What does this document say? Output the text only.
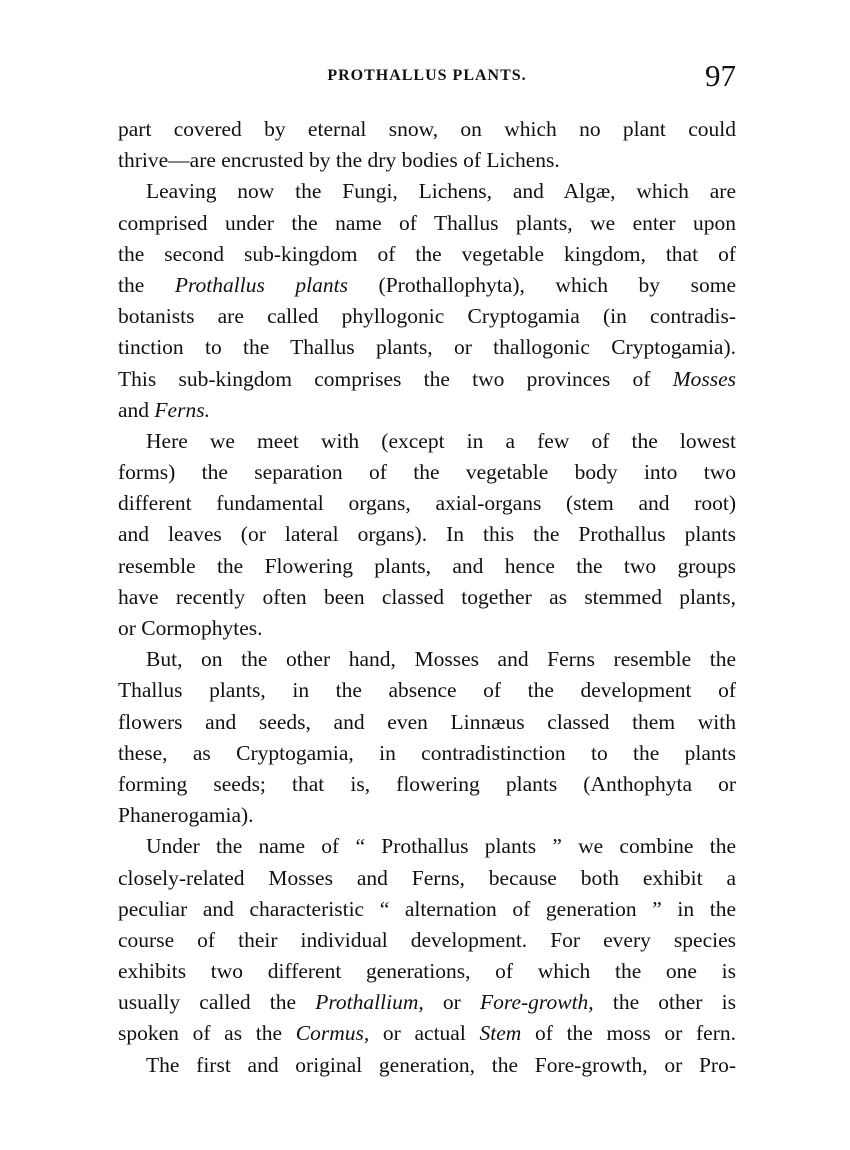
PROTHALLUS PLANTS.	97
part covered by eternal snow, on which no plant could
thrive—are encrusted by the dry bodies of Lichens.
Leaving now the Fungi, Lichens, and Algæ, which are
comprised under the name of Thallus plants, we enter upon
the second sub-kingdom of the vegetable kingdom, that of
the Prothallus plants (Prothallophyta), which by some
botanists are called phyllogonic Cryptogamia (in contradis-
tinction to the Thallus plants, or thallogonic Cryptogamia).
This sub-kingdom comprises the two provinces of Mosses
and Ferns.
Here we meet with (except in a few of the lowest
forms) the separation of the vegetable body into two
different fundamental organs, axial-organs (stem and root)
and leaves (or lateral organs). In this the Prothallus plants
resemble the Flowering plants, and hence the two groups
have recently often been classed together as stemmed plants,
or Cormophytes.
But, on the other hand, Mosses and Ferns resemble the
Thallus plants, in the absence of the development of
flowers and seeds, and even Linnæus classed them with
these, as Cryptogamia, in contradistinction to the plants
forming seeds; that is, flowering plants (Anthophyta or
Phanerogamia).
Under the name of “ Prothallus plants ” we combine the
closely-related Mosses and Ferns, because both exhibit a
peculiar and characteristic “ alternation of generation ” in the
course of their individual development. For every species
exhibits two different generations, of which the one is
usually called the Prothallium, or Fore-growth, the other is
spoken of as the Cormus, or actual Stem of the moss or fern.
The first and original generation, the Fore-growth, or Pro-
